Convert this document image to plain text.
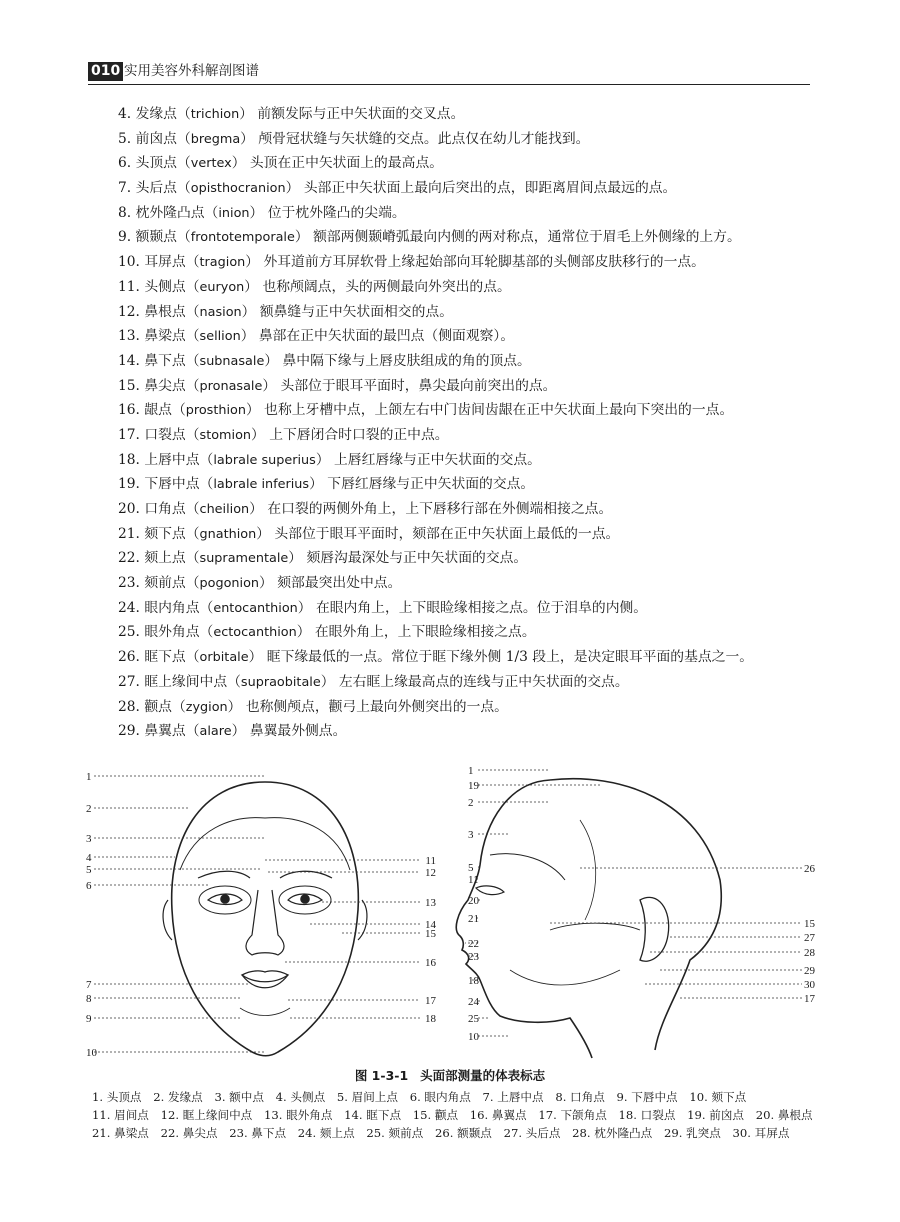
010 实用美容外科解剖图谱
4. 发缘点（trichion） 前额发际与正中矢状面的交叉点。
5. 前囟点（bregma） 颅骨冠状缝与矢状缝的交点。此点仅在幼儿才能找到。
6. 头顶点（vertex） 头顶在正中矢状面上的最高点。
7. 头后点（opisthocranion） 头部正中矢状面上最向后突出的点，即距离眉间点最远的点。
8. 枕外隆凸点（inion） 位于枕外隆凸的尖端。
9. 额颞点（frontotemporale） 额部两侧颞嵴弧最向内侧的两对称点，通常位于眉毛上外侧缘的上方。
10. 耳屏点（tragion） 外耳道前方耳屏软骨上缘起始部向耳轮脚基部的头侧部皮肤移行的一点。
11. 头侧点（euryon） 也称颅阔点，头的两侧最向外突出的点。
12. 鼻根点（nasion） 额鼻缝与正中矢状面相交的点。
13. 鼻梁点（sellion） 鼻部在正中矢状面的最凹点（侧面观察）。
14. 鼻下点（subnasale） 鼻中隔下缘与上唇皮肤组成的角的顶点。
15. 鼻尖点（pronasale） 头部位于眼耳平面时，鼻尖最向前突出的点。
16. 龈点（prosthion） 也称上牙槽中点，上颌左右中门齿间齿龈在正中矢状面上最向下突出的一点。
17. 口裂点（stomion） 上下唇闭合时口裂的正中点。
18. 上唇中点（labrale superius） 上唇红唇缘与正中矢状面的交点。
19. 下唇中点（labrale inferius） 下唇红唇缘与正中矢状面的交点。
20. 口角点（cheilion） 在口裂的两侧外角上，上下唇移行部在外侧端相接之点。
21. 颏下点（gnathion） 头部位于眼耳平面时，颏部在正中矢状面上最低的一点。
22. 颏上点（supramentale） 颏唇沟最深处与正中矢状面的交点。
23. 颏前点（pogonion） 颏部最突出处中点。
24. 眼内角点（entocanthion） 在眼内角上，上下眼睑缘相接之点。位于泪阜的内侧。
25. 眼外角点（ectocanthion） 在眼外角上，上下眼睑缘相接之点。
26. 眶下点（orbitale） 眶下缘最低的一点。常位于眶下缘外侧 1/3 段上，是决定眼耳平面的基点之一。
27. 眶上缘间中点（supraobitale） 左右眶上缘最高点的连线与正中矢状面的交点。
28. 颧点（zygion） 也称侧颅点，颧弓上最向外侧突出的一点。
29. 鼻翼点（alare） 鼻翼最外侧点。
1
2
3
4
5
6
7
8
9
10
11
12
13
14
15
16
17
18
1
19
2
3
5
11
20
21
22
23
18
24
25
10
26
15
27
28
29
30
17
图 1-3-1 头面部测量的体表标志
1. 头顶点 2. 发缘点 3. 额中点 4. 头侧点 5. 眉间上点 6. 眼内角点 7. 上唇中点 8. 口角点 9. 下唇中点 10. 颏下点 11. 眉间点 12. 眶上缘间中点 13. 眼外角点 14. 眶下点 15. 颧点 16. 鼻翼点 17. 下颌角点 18. 口裂点 19. 前囟点 20. 鼻根点 21. 鼻梁点 22. 鼻尖点 23. 鼻下点 24. 颏上点 25. 颏前点 26. 额颞点 27. 头后点 28. 枕外隆凸点 29. 乳突点 30. 耳屏点
